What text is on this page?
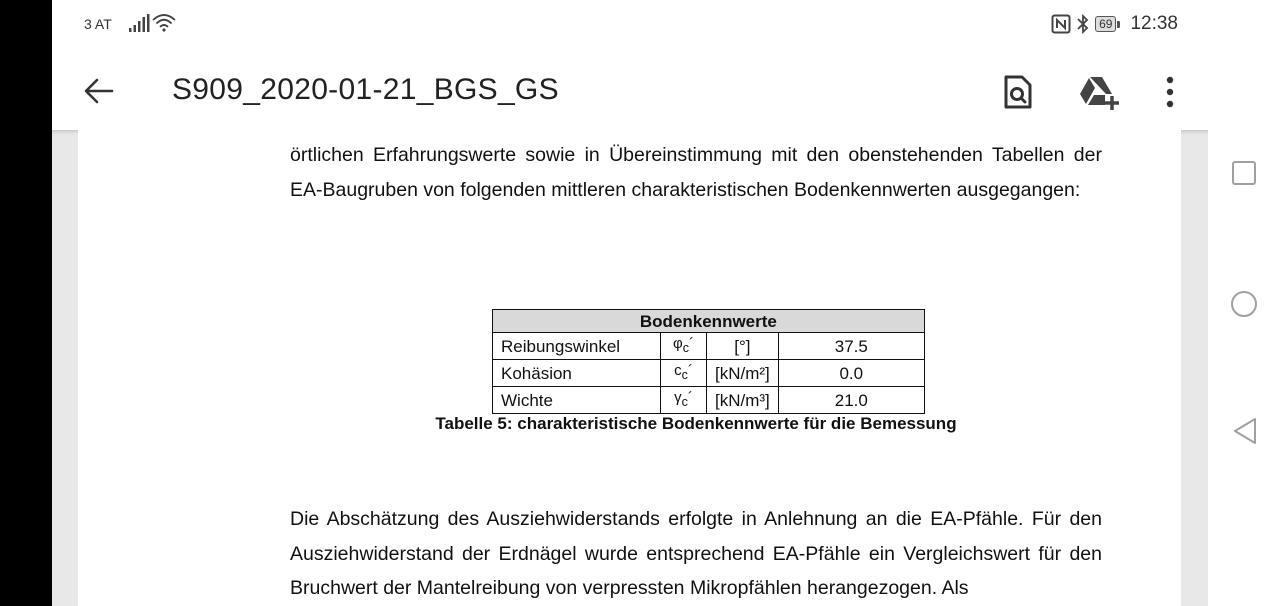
3 AT	69 12:38
S909_2020-01-21_BGS_GS

örtlichen Erfahrungswerte sowie in Übereinstimmung mit den obenstehenden Tabellen der EA-Baugruben von folgenden mittleren charakteristischen Bodenkennwerten ausgegangen:

Bodenkennwerte			
Reibungswinkel	$\varphi_c´$	[°]	37.5
Kohäsion	$c_c´$	[kN/m²]	0.0
Wichte	$\gamma_c´$	[kN/m³]	21.0

Tabelle 5: charakteristische Bodenkennwerte für die Bemessung

Die Abschätzung des Ausziehwiderstands erfolgte in Anlehnung an die EA-Pfähle. Für den Ausziehwiderstand der Erdnägel wurde entsprechend EA-Pfähle ein Vergleichswert für den Bruchwert der Mantelreibung von verpressten Mikropfählen herangezogen. Als
